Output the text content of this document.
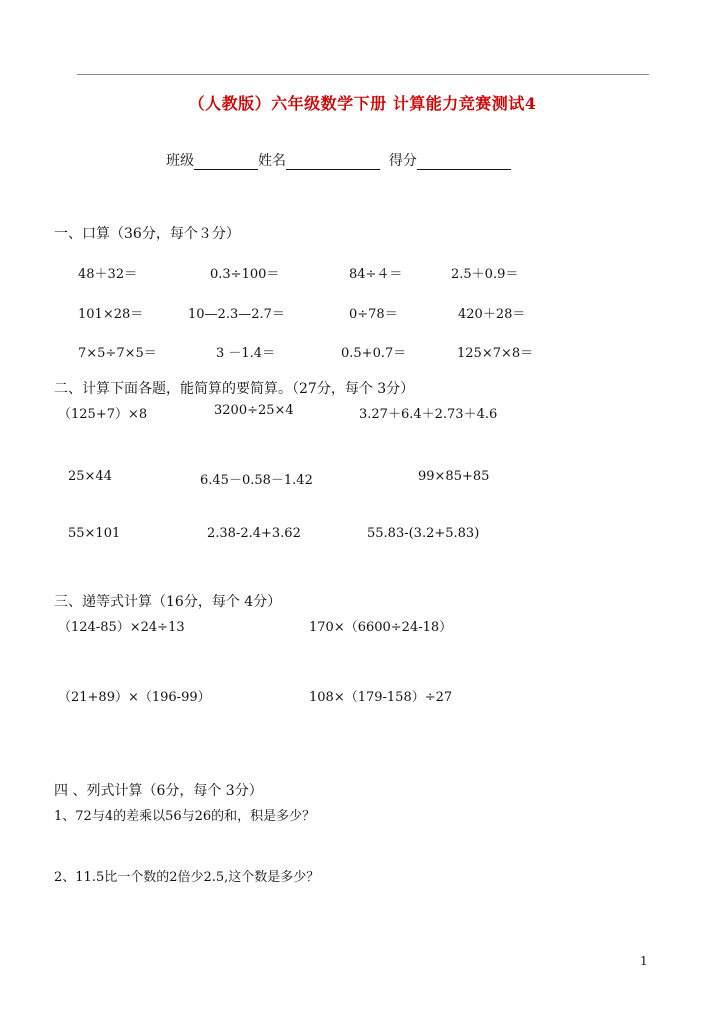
（人教版）六年级数学下册 计算能力竞赛测试4
班级	姓名	得分
一、口算（36分，每个３分）
48＋32＝	0.3÷100＝	84÷４＝	2.5＋0.9＝
101×28＝	10—2.3—2.7＝	0÷78＝	420＋28＝
7×5÷7×5＝	3 －1.4＝	0.5+0.7＝	125×7×8＝
二、计算下面各题，能简算的要简算。（27分，每个 3分）
（125+7）×8	3200÷25×4	3.27＋6.4＋2.73＋4.6
25×44	6.45－0.58－1.42	99×85+85
55×101	2.38-2.4+3.62	55.83-(3.2+5.83)
三、递等式计算（16分，每个 4分）
（124-85）×24÷13	170×（6600÷24-18）
（21+89）×（196-99）	108×（179-158）÷27
四 、列式计算（6分，每个 3分）
1、72与4的差乘以56与26的和，积是多少？
2、11.5比一个数的2倍少2.5,这个数是多少？
1
